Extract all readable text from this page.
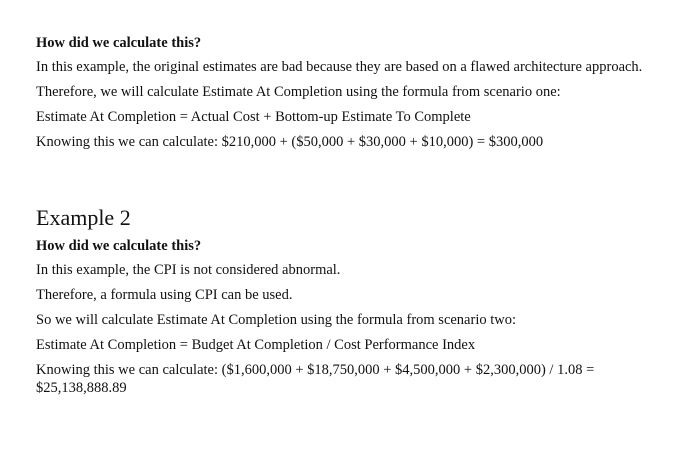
How did we calculate this?
In this example, the original estimates are bad because they are based on a flawed architecture approach.
Therefore, we will calculate Estimate At Completion using the formula from scenario one:
Estimate At Completion = Actual Cost + Bottom-up Estimate To Complete
Knowing this we can calculate: $210,000 + ($50,000 + $30,000 + $10,000) = $300,000
Example 2
How did we calculate this?
In this example, the CPI is not considered abnormal.
Therefore, a formula using CPI can be used.
So we will calculate Estimate At Completion using the formula from scenario two:
Estimate At Completion = Budget At Completion / Cost Performance Index
Knowing this we can calculate: ($1,600,000 + $18,750,000 + $4,500,000 + $2,300,000) / 1.08 = $25,138,888.89
